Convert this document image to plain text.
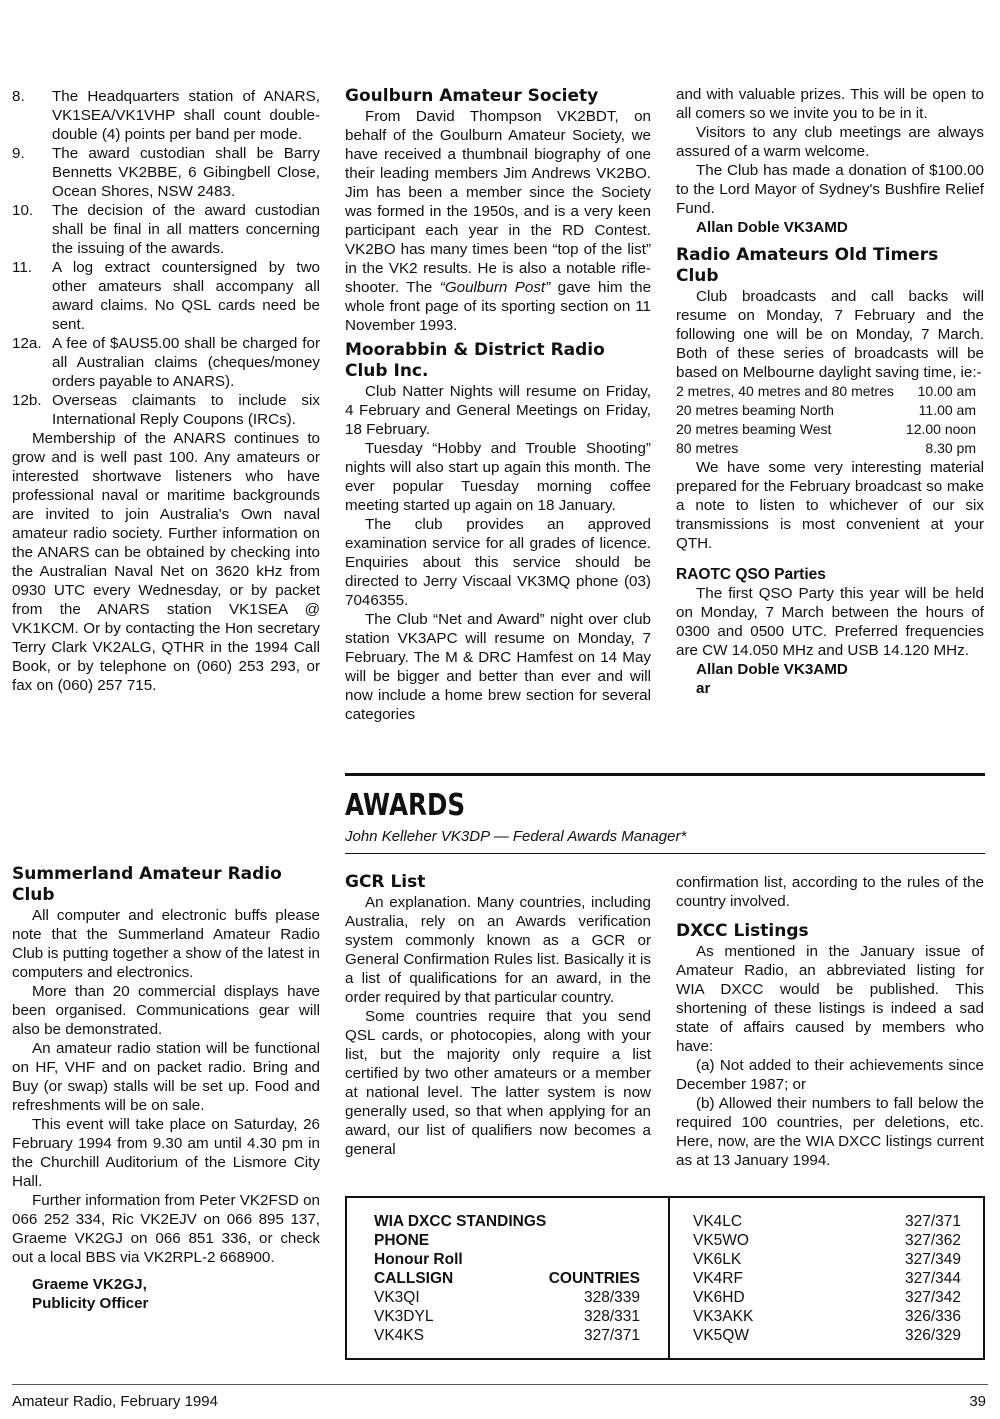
8.	The Headquarters station of ANARS, VK1SEA/VK1VHP shall count double-double (4) points per band per mode.
9.	The award custodian shall be Barry Bennetts VK2BBE, 6 Gibingbell Close, Ocean Shores, NSW 2483.
10.	The decision of the award custodian shall be final in all matters concerning the issuing of the awards.
11.	A log extract countersigned by two other amateurs shall accompany all award claims. No QSL cards need be sent.
12a. A fee of $AUS5.00 shall be charged for all Australian claims (cheques/money orders payable to ANARS).
12b. Overseas claimants to include six International Reply Coupons (IRCs).

Membership of the ANARS continues to grow and is well past 100. Any amateurs or interested shortwave listeners who have professional naval or maritime backgrounds are invited to join Australia's Own naval amateur radio society. Further information on the ANARS can be obtained by checking into the Australian Naval Net on 3620 kHz from 0930 UTC every Wednesday, or by packet from the ANARS station VK1SEA @ VK1KCM. Or by contacting the Hon secretary Terry Clark VK2ALG, QTHR in the 1994 Call Book, or by telephone on (060) 253 293, or fax on (060) 257 715.

Summerland Amateur Radio Club

All computer and electronic buffs please note that the Summerland Amateur Radio Club is putting together a show of the latest in computers and electronics.

More than 20 commercial displays have been organised. Communications gear will also be demonstrated.

An amateur radio station will be functional on HF, VHF and on packet radio. Bring and Buy (or swap) stalls will be set up. Food and refreshments will be on sale.

This event will take place on Saturday, 26 February 1994 from 9.30 am until 4.30 pm in the Churchill Auditorium of the Lismore City Hall.

Further information from Peter VK2FSD on 066 252 334, Ric VK2EJV on 066 895 137, Graeme VK2GJ on 066 851 336, or check out a local BBS via VK2RPL-2 668900.

Graeme VK2GJ,

Publicity Officer

Goulburn Amateur Society

From David Thompson VK2BDT, on behalf of the Goulburn Amateur Society, we have received a thumbnail biography of one their leading members Jim Andrews VK2BO. Jim has been a member since the Society was formed in the 1950s, and is a very keen participant each year in the RD Contest. VK2BO has many times been “top of the list” in the VK2 results. He is also a notable rifle-shooter. The “Goulburn Post” gave him the whole front page of its sporting section on 11 November 1993.

Moorabbin & District Radio Club Inc.

Club Natter Nights will resume on Friday, 4 February and General Meetings on Friday, 18 February.

Tuesday “Hobby and Trouble Shooting” nights will also start up again this month. The ever popular Tuesday morning coffee meeting started up again on 18 January.

The club provides an approved examination service for all grades of licence. Enquiries about this service should be directed to Jerry Viscaal VK3MQ phone (03) 7046355.

The Club “Net and Award” night over club station VK3APC will resume on Monday, 7 February. The M & DRC Hamfest on 14 May will be bigger and better than ever and will now include a home brew section for several categories

and with valuable prizes. This will be open to all comers so we invite you to be in it.

Visitors to any club meetings are always assured of a warm welcome.

The Club has made a donation of $100.00 to the Lord Mayor of Sydney's Bushfire Relief Fund.

Allan Doble VK3AMD

Radio Amateurs Old Timers Club

Club broadcasts and call backs will resume on Monday, 7 February and the following one will be on Monday, 7 March. Both of these series of broadcasts will be based on Melbourne daylight saving time, ie:-

2 metres, 40 metres and 80 metres	10.00 am
20 metres beaming North	11.00 am
20 metres beaming West	12.00 noon
80 metres	8.30 pm

We have some very interesting material prepared for the February broadcast so make a note to listen to whichever of our six transmissions is most convenient at your QTH.

RAOTC QSO Parties

The first QSO Party this year will be held on Monday, 7 March between the hours of 0300 and 0500 UTC. Preferred frequencies are CW 14.050 MHz and USB 14.120 MHz.

Allan Doble VK3AMD

ar

AWARDS
John Kelleher VK3DP — Federal Awards Manager*
GCR List

An explanation. Many countries, including Australia, rely on an Awards verification system commonly known as a GCR or General Confirmation Rules list. Basically it is a list of qualifications for an award, in the order required by that particular country.

Some countries require that you send QSL cards, or photocopies, along with your list, but the majority only require a list certified by two other amateurs or a member at national level. The latter system is now generally used, so that when applying for an award, our list of qualifiers now becomes a general

confirmation list, according to the rules of the country involved.

DXCC Listings

As mentioned in the January issue of Amateur Radio, an abbreviated listing for WIA DXCC would be published. This shortening of these listings is indeed a sad state of affairs caused by members who have:

(a) Not added to their achievements since December 1987; or

(b) Allowed their numbers to fall below the required 100 countries, per deletions, etc. Here, now, are the WIA DXCC listings current as at 13 January 1994.

WIA DXCC STANDINGS

PHONE

Honour Roll

CALLSIGN	COUNTRIES
VK3QI	328/339
VK3DYL	328/331
VK4KS	327/371
VK4LC	327/371
VK5WO	327/362
VK6LK	327/349
VK4RF	327/344
VK6HD	327/342
VK3AKK	326/336
VK5QW	326/329
Amateur Radio, February 1994	39
